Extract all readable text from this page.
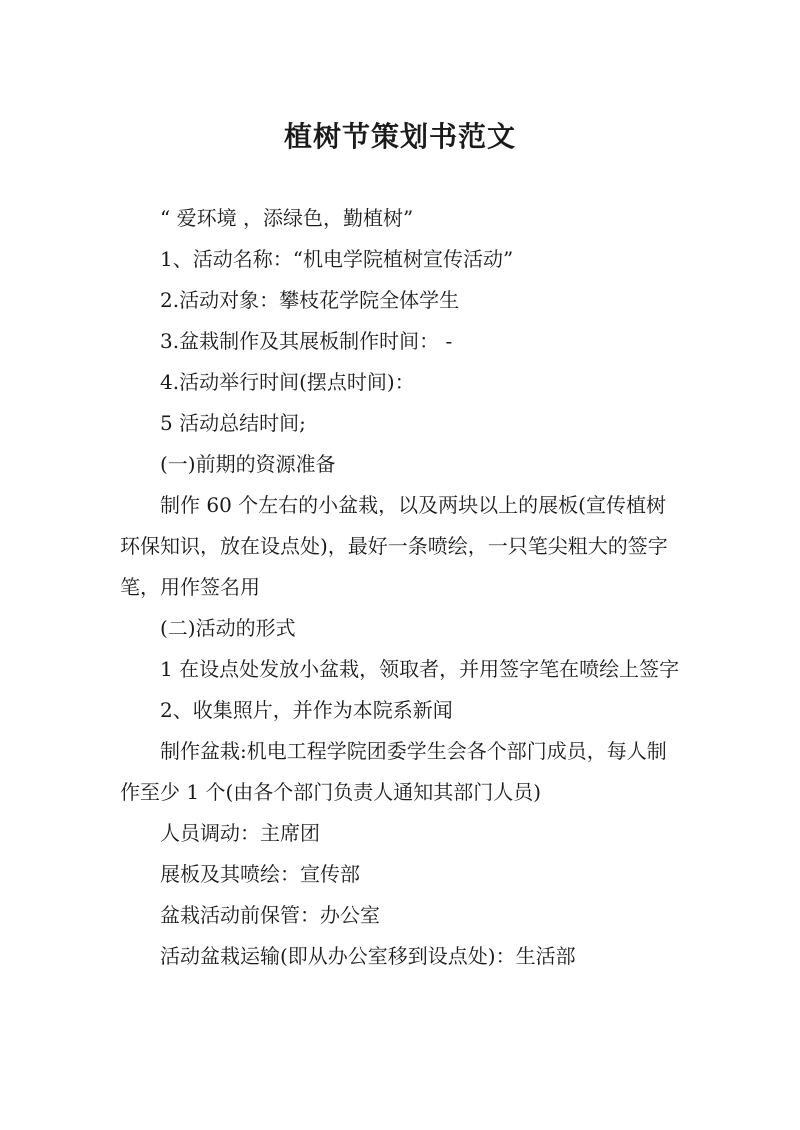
植树节策划书范文

“ 爱环境 ，添绿色，勤植树”

1、活动名称：“机电学院植树宣传活动”

2.活动对象：攀枝花学院全体学生

3.盆栽制作及其展板制作时间： -

4.活动举行时间(摆点时间)：

5 活动总结时间;

(一)前期的资源准备

制作 60 个左右的小盆栽，以及两块以上的展板(宣传植树环保知识，放在设点处)，最好一条喷绘，一只笔尖粗大的签字笔，用作签名用

(二)活动的形式

1 在设点处发放小盆栽，领取者，并用签字笔在喷绘上签字

2、收集照片，并作为本院系新闻

制作盆栽:机电工程学院团委学生会各个部门成员，每人制作至少 1 个(由各个部门负责人通知其部门人员)

人员调动：主席团

展板及其喷绘：宣传部

盆栽活动前保管：办公室

活动盆栽运输(即从办公室移到设点处)：生活部
